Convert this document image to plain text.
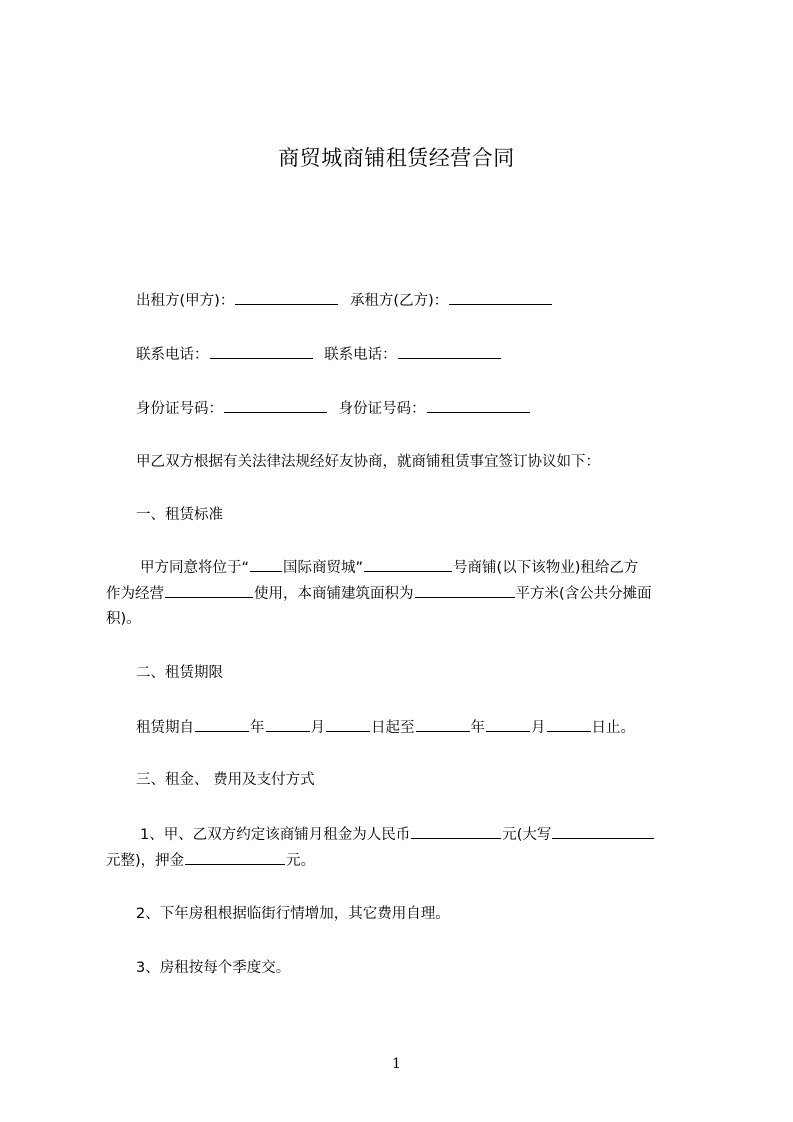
商贸城商铺租赁经营合同
出租方(甲方)：	承租方(乙方)：
联系电话：	联系电话：
身份证号码：	身份证号码：
甲乙双方根据有关法律法规经好友协商，就商铺租赁事宜签订协议如下：
一、租赁标准
甲方同意将位于“ 国际商贸城”	号商铺(以下该物业)租给乙方
作为经营	使用，本商铺建筑面积为	平方米(含公共分摊面
积)。
二、租赁期限
租赁期自	年	月	日起至	年	月	日止。
三、租金、 费用及支付方式
1、甲、乙双方约定该商铺月租金为人民币	元(大写
元整)，押金	元。
2、下年房租根据临街行情增加，其它费用自理。
3、房租按每个季度交。
1
